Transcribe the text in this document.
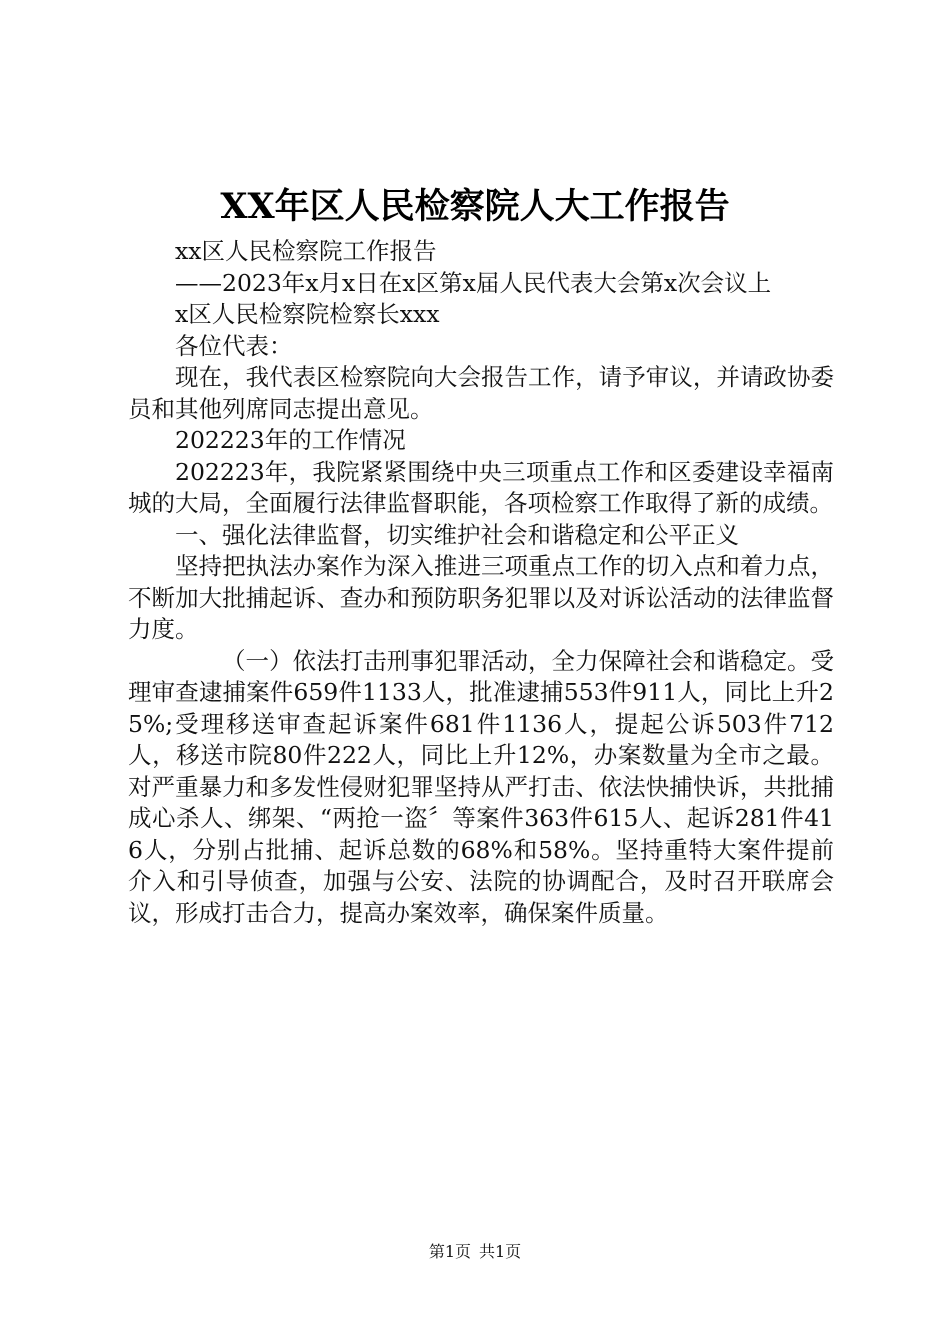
XX年区人民检察院人大工作报告

xx区人民检察院工作报告

——2023年x月x日在x区第x届人民代表大会第x次会议上

x区人民检察院检察长xxx

各位代表：

现在，我代表区检察院向大会报告工作，请予审议，并请政协委员和其他列席同志提出意见。

202223年的工作情况

202223年，我院紧紧围绕中央三项重点工作和区委建设幸福南城的大局，全面履行法律监督职能，各项检察工作取得了新的成绩。

一、强化法律监督，切实维护社会和谐稳定和公平正义

坚持把执法办案作为深入推进三项重点工作的切入点和着力点，不断加大批捕起诉、查办和预防职务犯罪以及对诉讼活动的法律监督力度。

（一）依法打击刑事犯罪活动，全力保障社会和谐稳定。受理审查逮捕案件659件1133人，批准逮捕553件911人，同比上升25%;受理移送审查起诉案件681件1136人，提起公诉503件712人，移送市院80件222人，同比上升12%，办案数量为全市之最。对严重暴力和多发性侵财犯罪坚持从严打击、依法快捕快诉，共批捕成心杀人、绑架、“两抢一盗〞等案件363件615人、起诉281件416人，分别占批捕、起诉总数的68%和58%。坚持重特大案件提前介入和引导侦查，加强与公安、法院的协调配合，及时召开联席会议，形成打击合力，提高办案效率，确保案件质量。

第1页 共1页
